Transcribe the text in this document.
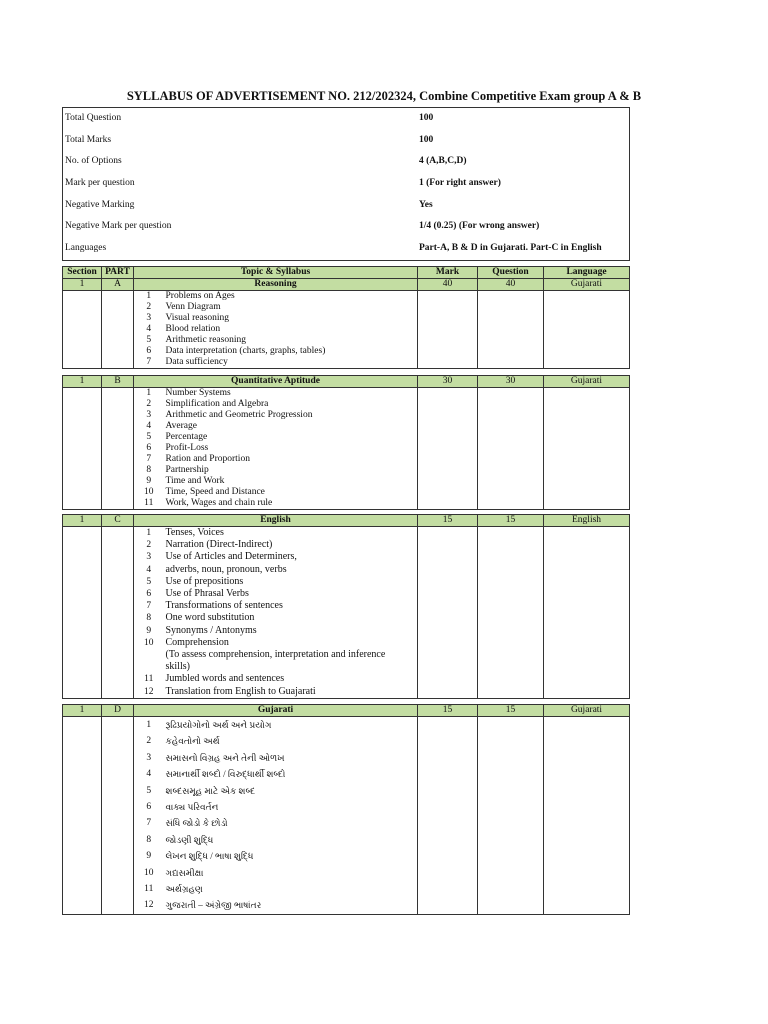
SYLLABUS OF ADVERTISEMENT NO. 212/202324, Combine Competitive Exam group A & B
Total Question	100
Total Marks	100
No. of Options	4 (A,B,C,D)
Mark per question	1 (For right answer)
Negative Marking	Yes
Negative Mark per question	1/4 (0.25) (For wrong answer)
Languages	Part-A, B & D in Gujarati. Part-C in English
Section	PART	Topic & Syllabus		Mark	Question	Language
1	A	Reasoning		40	40	Gujarati
		1	Problems on Ages			
		2	Venn Diagram			
		3	Visual reasoning			
		4	Blood relation			
		5	Arithmetic reasoning			
		6	Data interpretation (charts, graphs, tables)			
		7	Data sufficiency			
1	B	Quantitative Aptitude		30	30	Gujarati
		1	Number Systems			
		2	Simplification and Algebra			
		3	Arithmetic and Geometric Progression			
		4	Average			
		5	Percentage			
		6	Profit-Loss			
		7	Ration and Proportion			
		8	Partnership			
		9	Time and Work			
		10	Time, Speed and Distance			
		11	Work, Wages and chain rule			
1	C	English		15	15	English
		1	Tenses, Voices			
		2	Narration (Direct-Indirect)			
		3	Use of Articles and Determiners,			
		4	adverbs, noun, pronoun, verbs			
		5	Use of prepositions			
		6	Use of Phrasal Verbs			
		7	Transformations of sentences			
		8	One word substitution			
		9	Synonyms / Antonyms			
		10	Comprehension			
			(To assess comprehension, interpretation and inference			
			skills)			
		11	Jumbled words and sentences			
		12	Translation from English to Guajarati			
1	D	Gujarati		15	15	Gujarati
		1	રૂઢિપ્રયોગોનો અર્થ અને પ્રયોગ			
		2	કહેવતોનો અર્થ			
		3	સમાસનો વિગ્રહ અને તેની ઓળખ			
		4	સમાનાર્થી શબ્દો / વિરુદ્ધાર્થી શબ્દો			
		5	શબ્દસમૂહ માટે એક શબ્દ			
		6	વાક્ય પરિવર્તન			
		7	સંધિ જોડો કે છોડો			
		8	જોડણી શુદ્ધિ			
		9	લેખન શુદ્ધિ / ભાષા શુદ્ધિ			
		10	ગદ્યસમીક્ષા			
		11	અર્થગ્રહણ			
		12	ગુજરાતી – અંગ્રેજી ભાષાંતર			
